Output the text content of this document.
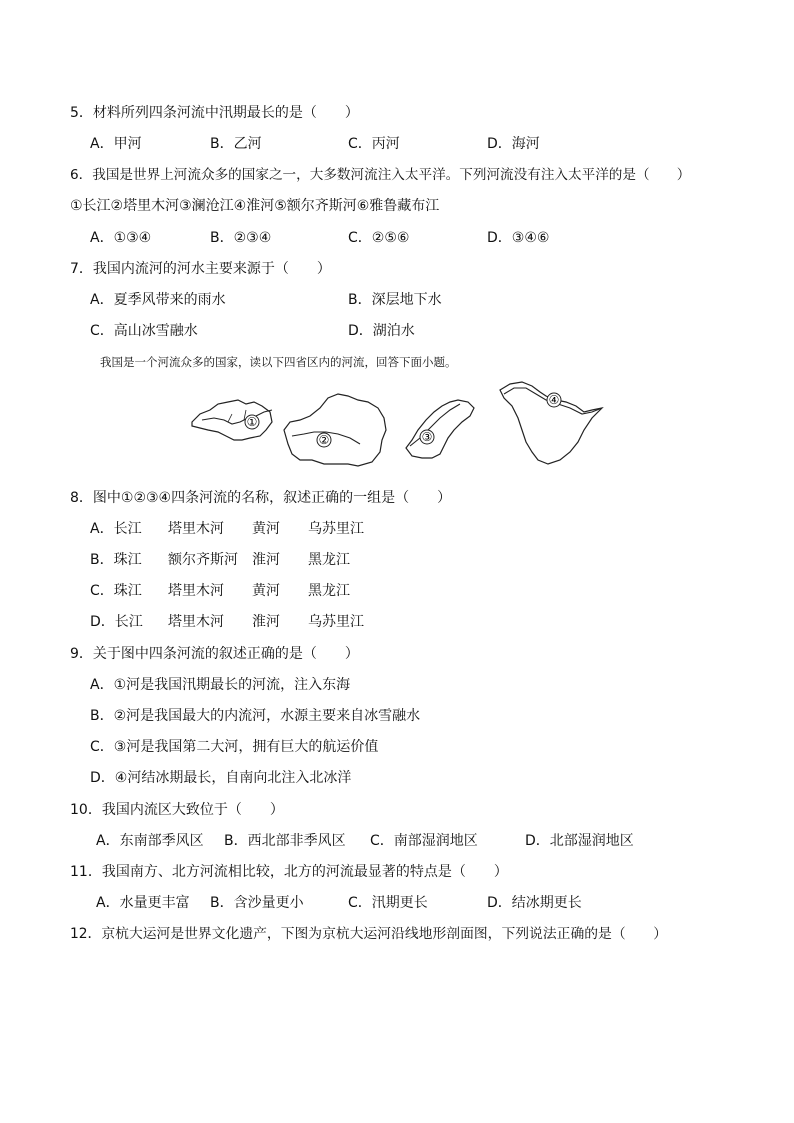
5．材料所列四条河流中汛期最长的是（　　）
A．甲河	B．乙河	C．丙河	D．海河
6．我国是世界上河流众多的国家之一，大多数河流注入太平洋。下列河流没有注入太平洋的是（　　）
①长江②塔里木河③澜沧江④淮河⑤额尔齐斯河⑥雅鲁藏布江
A．①③④	B．②③④	C．②⑤⑥	D．③④⑥
7．我国内流河的河水主要来源于（　　）
A．夏季风带来的雨水	B．深层地下水
C．高山冰雪融水	D．湖泊水
我国是一个河流众多的国家，读以下四省区内的河流，回答下面小题。
①
②	③
④
8．图中①②③④四条河流的名称，叙述正确的一组是（　　）
A．长江 塔里木河 黄河 乌苏里江
B．珠江 额尔齐斯河 淮河 黑龙江
C．珠江 塔里木河 黄河 黑龙江
D．长江 塔里木河 淮河 乌苏里江
9．关于图中四条河流的叙述正确的是（　　）
A．①河是我国汛期最长的河流，注入东海
B．②河是我国最大的内流河，水源主要来自冰雪融水
C．③河是我国第二大河，拥有巨大的航运价值
D．④河结冰期最长，自南向北注入北冰洋
10．我国内流区大致位于（　　）
A．东南部季风区 B．西北部非季风区 C．南部湿润地区	D．北部湿润地区
11．我国南方、北方河流相比较，北方的河流最显著的特点是（　　）
A．水量更丰富 B．含沙量更小	C．汛期更长	D．结冰期更长
12．京杭大运河是世界文化遗产，下图为京杭大运河沿线地形剖面图，下列说法正确的是（　　）
